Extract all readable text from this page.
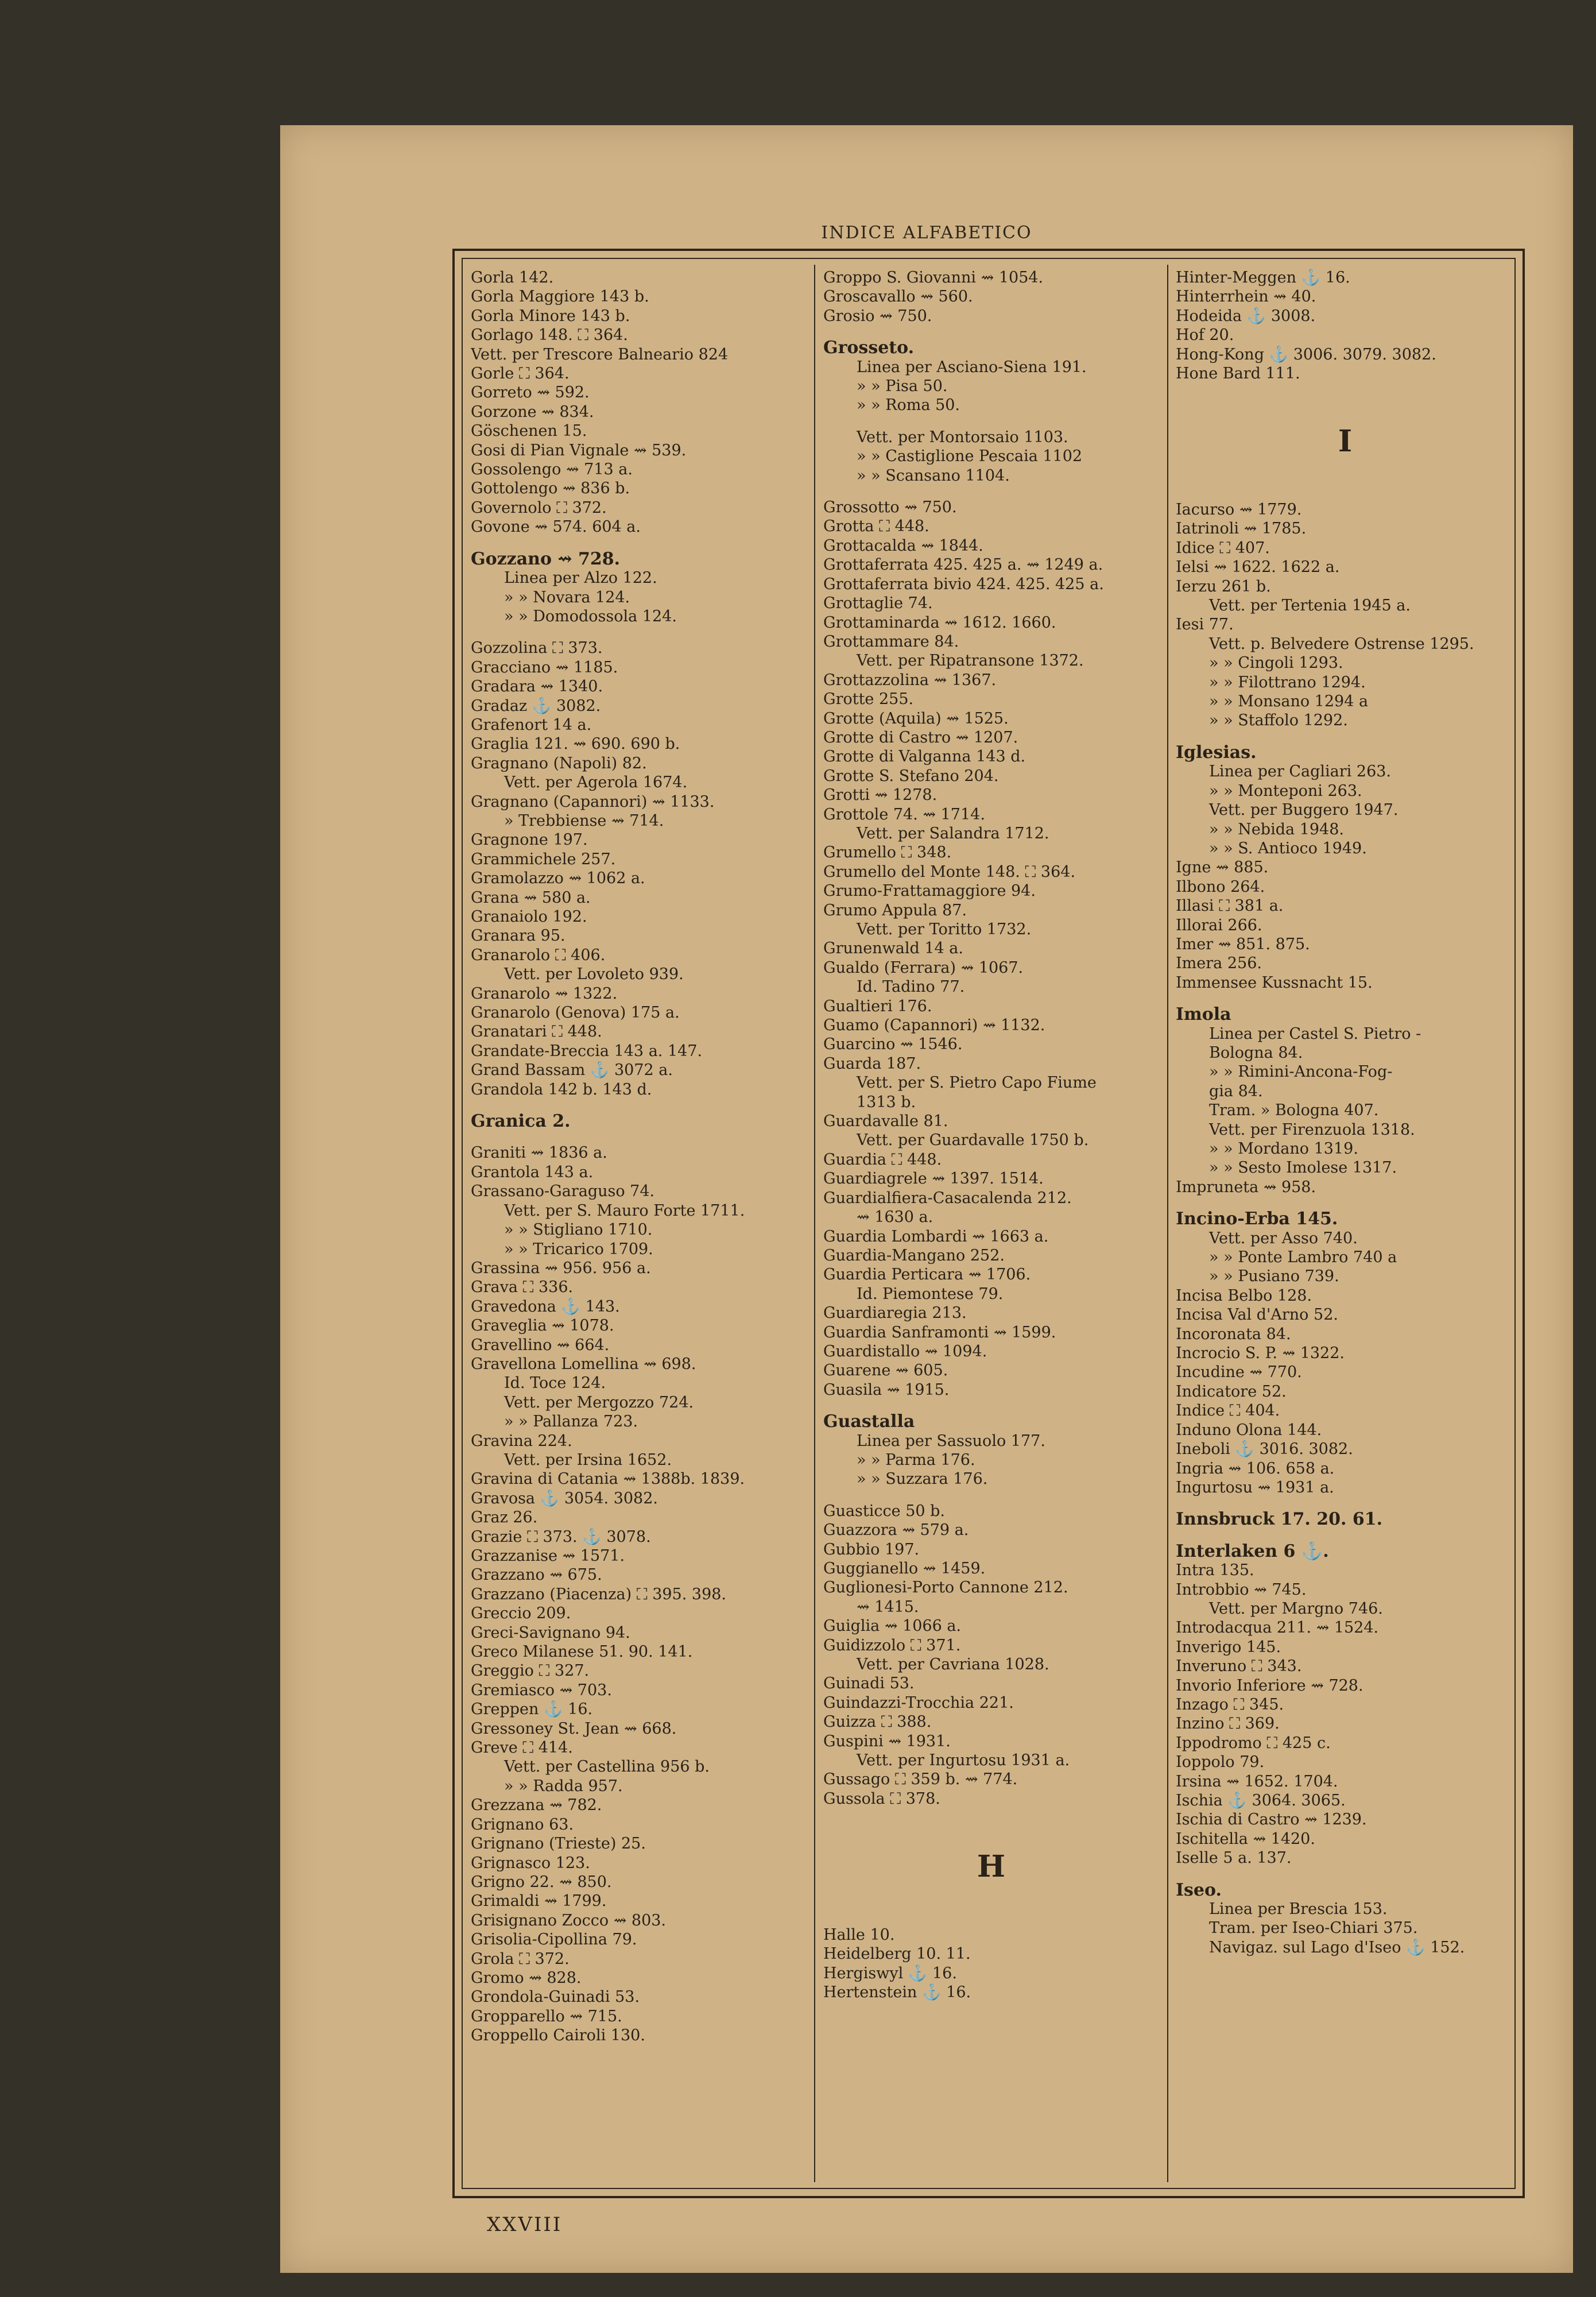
INDICE ALFABETICO
Gorla 142.
Gorla Maggiore 143 b.
Gorla Minore 143 b.
Gorlago 148. ⛶ 364.
Vett. per Trescore Balneario 824
Gorle ⛶ 364.
Gorreto ⇝ 592.
Gorzone ⇝ 834.
Göschenen 15.
Gosi di Pian Vignale ⇝ 539.
Gossolengo ⇝ 713 a.
Gottolengo ⇝ 836 b.
Governolo ⛶ 372.
Govone ⇝ 574. 604 a.
Gozzano ⇝ 728.
Linea per Alzo 122.
» » Novara 124.
» » Domodossola 124.
Gozzolina ⛶ 373.
Gracciano ⇝ 1185.
Gradara ⇝ 1340.
Gradaz ⚓ 3082.
Grafenort 14 a.
Graglia 121. ⇝ 690. 690 b.
Gragnano (Napoli) 82.
Vett. per Agerola 1674.
Gragnano (Capannori) ⇝ 1133.
» Trebbiense ⇝ 714.
Gragnone 197.
Grammichele 257.
Gramolazzo ⇝ 1062 a.
Grana ⇝ 580 a.
Granaiolo 192.
Granara 95.
Granarolo ⛶ 406.
Vett. per Lovoleto 939.
Granarolo ⇝ 1322.
Granarolo (Genova) 175 a.
Granatari ⛶ 448.
Grandate-Breccia 143 a. 147.
Grand Bassam ⚓ 3072 a.
Grandola 142 b. 143 d.
Granica 2.
Graniti ⇝ 1836 a.
Grantola 143 a.
Grassano-Garaguso 74.
Vett. per S. Mauro Forte 1711.
» » Stigliano 1710.
» » Tricarico 1709.
Grassina ⇝ 956. 956 a.
Grava ⛶ 336.
Gravedona ⚓ 143.
Graveglia ⇝ 1078.
Gravellino ⇝ 664.
Gravellona Lomellina ⇝ 698.
Id. Toce 124.
Vett. per Mergozzo 724.
» » Pallanza 723.
Gravina 224.
Vett. per Irsina 1652.
Gravina di Catania ⇝ 1388b. 1839.
Gravosa ⚓ 3054. 3082.
Graz 26.
Grazie ⛶ 373. ⚓ 3078.
Grazzanise ⇝ 1571.
Grazzano ⇝ 675.
Grazzano (Piacenza) ⛶ 395. 398.
Greccio 209.
Greci-Savignano 94.
Greco Milanese 51. 90. 141.
Greggio ⛶ 327.
Gremiasco ⇝ 703.
Greppen ⚓ 16.
Gressoney St. Jean ⇝ 668.
Greve ⛶ 414.
Vett. per Castellina 956 b.
» » Radda 957.
Grezzana ⇝ 782.
Grignano 63.
Grignano (Trieste) 25.
Grignasco 123.
Grigno 22. ⇝ 850.
Grimaldi ⇝ 1799.
Grisignano Zocco ⇝ 803.
Grisolia-Cipollina 79.
Grola ⛶ 372.
Gromo ⇝ 828.
Grondola-Guinadi 53.
Gropparello ⇝ 715.
Groppello Cairoli 130.
Groppo S. Giovanni ⇝ 1054.
Groscavallo ⇝ 560.
Grosio ⇝ 750.
Grosseto.
Linea per Asciano-Siena 191.
» » Pisa 50.
» » Roma 50.
Vett. per Montorsaio 1103.
» » Castiglione Pescaia 1102
» » Scansano 1104.
Grossotto ⇝ 750.
Grotta ⛶ 448.
Grottacalda ⇝ 1844.
Grottaferrata 425. 425 a. ⇝ 1249 a.
Grottaferrata bivio 424. 425. 425 a.
Grottaglie 74.
Grottaminarda ⇝ 1612. 1660.
Grottammare 84.
Vett. per Ripatransone 1372.
Grottazzolina ⇝ 1367.
Grotte 255.
Grotte (Aquila) ⇝ 1525.
Grotte di Castro ⇝ 1207.
Grotte di Valganna 143 d.
Grotte S. Stefano 204.
Grotti ⇝ 1278.
Grottole 74. ⇝ 1714.
Vett. per Salandra 1712.
Grumello ⛶ 348.
Grumello del Monte 148. ⛶ 364.
Grumo-Frattamaggiore 94.
Grumo Appula 87.
Vett. per Toritto 1732.
Grunenwald 14 a.
Gualdo (Ferrara) ⇝ 1067.
Id. Tadino 77.
Gualtieri 176.
Guamo (Capannori) ⇝ 1132.
Guarcino ⇝ 1546.
Guarda 187.
Vett. per S. Pietro Capo Fiume
1313 b.
Guardavalle 81.
Vett. per Guardavalle 1750 b.
Guardia ⛶ 448.
Guardiagrele ⇝ 1397. 1514.
Guardialfiera-Casacalenda 212.
⇝ 1630 a.
Guardia Lombardi ⇝ 1663 a.
Guardia-Mangano 252.
Guardia Perticara ⇝ 1706.
Id. Piemontese 79.
Guardiaregia 213.
Guardia Sanframonti ⇝ 1599.
Guardistallo ⇝ 1094.
Guarene ⇝ 605.
Guasila ⇝ 1915.
Guastalla
Linea per Sassuolo 177.
» » Parma 176.
» » Suzzara 176.
Guasticce 50 b.
Guazzora ⇝ 579 a.
Gubbio 197.
Guggianello ⇝ 1459.
Guglionesi-Porto Cannone 212.
⇝ 1415.
Guiglia ⇝ 1066 a.
Guidizzolo ⛶ 371.
Vett. per Cavriana 1028.
Guinadi 53.
Guindazzi-Trocchia 221.
Guizza ⛶ 388.
Guspini ⇝ 1931.
Vett. per Ingurtosu 1931 a.
Gussago ⛶ 359 b. ⇝ 774.
Gussola ⛶ 378.
H
Halle 10.
Heidelberg 10. 11.
Hergiswyl ⚓ 16.
Hertenstein ⚓ 16.
Hinter-Meggen ⚓ 16.
Hinterrhein ⇝ 40.
Hodeida ⚓ 3008.
Hof 20.
Hong-Kong ⚓ 3006. 3079. 3082.
Hone Bard 111.
I
Iacurso ⇝ 1779.
Iatrinoli ⇝ 1785.
Idice ⛶ 407.
Ielsi ⇝ 1622. 1622 a.
Ierzu 261 b.
Vett. per Tertenia 1945 a.
Iesi 77.
Vett. p. Belvedere Ostrense 1295.
» » Cingoli 1293.
» » Filottrano 1294.
» » Monsano 1294 a
» » Staffolo 1292.
Iglesias.
Linea per Cagliari 263.
» » Monteponi 263.
Vett. per Buggero 1947.
» » Nebida 1948.
» » S. Antioco 1949.
Igne ⇝ 885.
Ilbono 264.
Illasi ⛶ 381 a.
Illorai 266.
Imer ⇝ 851. 875.
Imera 256.
Immensee Kussnacht 15.
Imola
Linea per Castel S. Pietro -
Bologna 84.
» » Rimini-Ancona-Fog-
gia 84.
Tram. » Bologna 407.
Vett. per Firenzuola 1318.
» » Mordano 1319.
» » Sesto Imolese 1317.
Impruneta ⇝ 958.
Incino-Erba 145.
Vett. per Asso 740.
» » Ponte Lambro 740 a
» » Pusiano 739.
Incisa Belbo 128.
Incisa Val d'Arno 52.
Incoronata 84.
Incrocio S. P. ⇝ 1322.
Incudine ⇝ 770.
Indicatore 52.
Indice ⛶ 404.
Induno Olona 144.
Ineboli ⚓ 3016. 3082.
Ingria ⇝ 106. 658 a.
Ingurtosu ⇝ 1931 a.
Innsbruck 17. 20. 61.
Interlaken 6 ⚓.
Intra 135.
Introbbio ⇝ 745.
Vett. per Margno 746.
Introdacqua 211. ⇝ 1524.
Inverigo 145.
Inveruno ⛶ 343.
Invorio Inferiore ⇝ 728.
Inzago ⛶ 345.
Inzino ⛶ 369.
Ippodromo ⛶ 425 c.
Ioppolo 79.
Irsina ⇝ 1652. 1704.
Ischia ⚓ 3064. 3065.
Ischia di Castro ⇝ 1239.
Ischitella ⇝ 1420.
Iselle 5 a. 137.
Iseo.
Linea per Brescia 153.
Tram. per Iseo-Chiari 375.
Navigaz. sul Lago d'Iseo ⚓ 152.
XXVIII
